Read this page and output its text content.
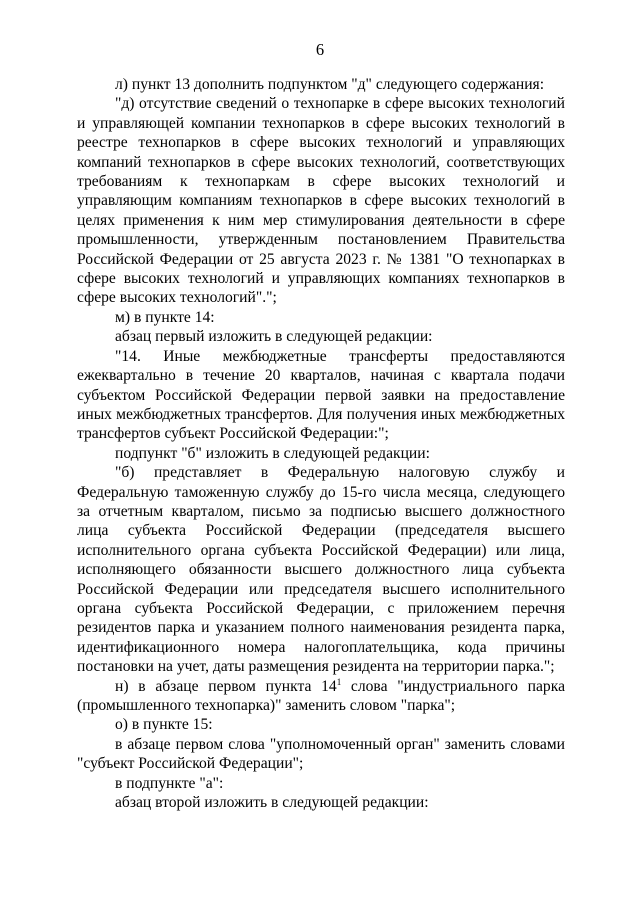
6

л) пункт 13 дополнить подпунктом "д" следующего содержания:

"д) отсутствие сведений о технопарке в сфере высоких технологий и управляющей компании технопарков в сфере высоких технологий в реестре технопарков в сфере высоких технологий и управляющих компаний технопарков в сфере высоких технологий, соответствующих требованиям к технопаркам в сфере высоких технологий и управляющим компаниям технопарков в сфере высоких технологий в целях применения к ним мер стимулирования деятельности в сфере промышленности, утвержденным постановлением Правительства Российской Федерации от 25 августа 2023 г. № 1381 "О технопарках в сфере высоких технологий и управляющих компаниях технопарков в сфере высоких технологий".";

м) в пункте 14:

абзац первый изложить в следующей редакции:

"14. Иные межбюджетные трансферты предоставляются ежеквартально в течение 20 кварталов, начиная с квартала подачи субъектом Российской Федерации первой заявки на предоставление иных межбюджетных трансфертов. Для получения иных межбюджетных трансфертов субъект Российской Федерации:";

подпункт "б" изложить в следующей редакции:

"б) представляет в Федеральную налоговую службу и Федеральную таможенную службу до 15-го числа месяца, следующего за отчетным кварталом, письмо за подписью высшего должностного лица субъекта Российской Федерации (председателя высшего исполнительного органа субъекта Российской Федерации) или лица, исполняющего обязанности высшего должностного лица субъекта Российской Федерации или председателя высшего исполнительного органа субъекта Российской Федерации, с приложением перечня резидентов парка и указанием полного наименования резидента парка, идентификационного номера налогоплательщика, кода причины постановки на учет, даты размещения резидента на территории парка.";

н) в абзаце первом пункта $14^1$ слова "индустриального парка (промышленного технопарка)" заменить словом "парка";

о) в пункте 15:

в абзаце первом слова "уполномоченный орган" заменить словами "субъект Российской Федерации";

в подпункте "а":

абзац второй изложить в следующей редакции:
